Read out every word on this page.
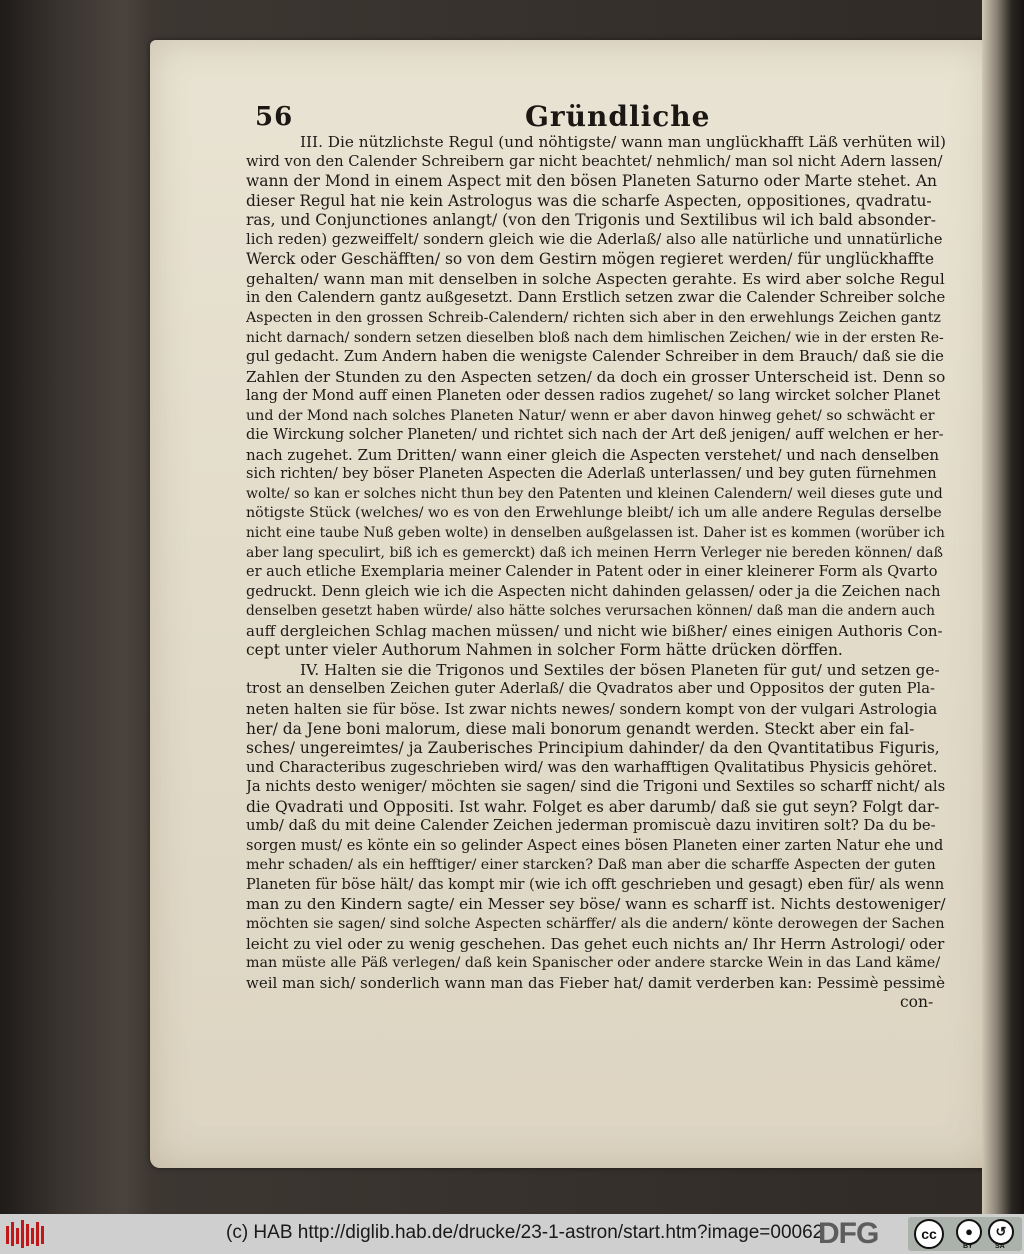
56	Gründliche
III. Die nützlichste Regul (und nöhtigste/ wann man unglückhafft Läß verhüten wil)
wird von den Calender Schreibern gar nicht beachtet/ nehmlich/ man sol nicht Adern lassen/
wann der Mond in einem Aspect mit den bösen Planeten Saturno oder Marte stehet. An
dieser Regul hat nie kein Astrologus was die scharfe Aspecten, oppositiones, qvadratu-
ras, und Conjunctiones anlangt/ (von den Trigonis und Sextilibus wil ich bald absonder-
lich reden) gezweiffelt/ sondern gleich wie die Aderlaß/ also alle natürliche und unnatürliche
Werck oder Geschäfften/ so von dem Gestirn mögen regieret werden/ für unglückhaffte
gehalten/ wann man mit denselben in solche Aspecten gerahte. Es wird aber solche Regul
in den Calendern gantz außgesetzt. Dann Erstlich setzen zwar die Calender Schreiber solche
Aspecten in den grossen Schreib-Calendern/ richten sich aber in den erwehlungs Zeichen gantz
nicht darnach/ sondern setzen dieselben bloß nach dem himlischen Zeichen/ wie in der ersten Re-
gul gedacht. Zum Andern haben die wenigste Calender Schreiber in dem Brauch/ daß sie die
Zahlen der Stunden zu den Aspecten setzen/ da doch ein grosser Unterscheid ist. Denn so
lang der Mond auff einen Planeten oder dessen radios zugehet/ so lang wircket solcher Planet
und der Mond nach solches Planeten Natur/ wenn er aber davon hinweg gehet/ so schwächt er
die Wirckung solcher Planeten/ und richtet sich nach der Art deß jenigen/ auff welchen er her-
nach zugehet. Zum Dritten/ wann einer gleich die Aspecten verstehet/ und nach denselben
sich richten/ bey böser Planeten Aspecten die Aderlaß unterlassen/ und bey guten fürnehmen
wolte/ so kan er solches nicht thun bey den Patenten und kleinen Calendern/ weil dieses gute und
nötigste Stück (welches/ wo es von den Erwehlunge bleibt/ ich um alle andere Regulas derselbe
nicht eine taube Nuß geben wolte) in denselben außgelassen ist. Daher ist es kommen (worüber ich
aber lang speculirt, biß ich es gemerckt) daß ich meinen Herrn Verleger nie bereden können/ daß
er auch etliche Exemplaria meiner Calender in Patent oder in einer kleinerer Form als Qvarto
gedruckt. Denn gleich wie ich die Aspecten nicht dahinden gelassen/ oder ja die Zeichen nach
denselben gesetzt haben würde/ also hätte solches verursachen können/ daß man die andern auch
auff dergleichen Schlag machen müssen/ und nicht wie bißher/ eines einigen Authoris Con-
cept unter vieler Authorum Nahmen in solcher Form hätte drücken dörffen.
IV. Halten sie die Trigonos und Sextiles der bösen Planeten für gut/ und setzen ge-
trost an denselben Zeichen guter Aderlaß/ die Qvadratos aber und Oppositos der guten Pla-
neten halten sie für böse. Ist zwar nichts newes/ sondern kompt von der vulgari Astrologia
her/ da Jene boni malorum, diese mali bonorum genandt werden. Steckt aber ein fal-
sches/ ungereimtes/ ja Zauberisches Principium dahinder/ da den Qvantitatibus Figuris,
und Characteribus zugeschrieben wird/ was den warhafftigen Qvalitatibus Physicis gehöret.
Ja nichts desto weniger/ möchten sie sagen/ sind die Trigoni und Sextiles so scharff nicht/ als
die Qvadrati und Oppositi. Ist wahr. Folget es aber darumb/ daß sie gut seyn? Folgt dar-
umb/ daß du mit deine Calender Zeichen jederman promiscuè dazu invitiren solt? Da du be-
sorgen must/ es könte ein so gelinder Aspect eines bösen Planeten einer zarten Natur ehe und
mehr schaden/ als ein hefftiger/ einer starcken? Daß man aber die scharffe Aspecten der guten
Planeten für böse hält/ das kompt mir (wie ich offt geschrieben und gesagt) eben für/ als wenn
man zu den Kindern sagte/ ein Messer sey böse/ wann es scharff ist. Nichts destoweniger/
möchten sie sagen/ sind solche Aspecten schärffer/ als die andern/ könte derowegen der Sachen
leicht zu viel oder zu wenig geschehen. Das gehet euch nichts an/ Ihr Herrn Astrologi/ oder
man müste alle Päß verlegen/ daß kein Spanischer oder andere starcke Wein in das Land käme/
weil man sich/ sonderlich wann man das Fieber hat/ damit verderben kan: Pessimè pessimè
con-
(c) HAB http://diglib.hab.de/drucke/23-1-astron/start.htm?image=00062
DFG	cc	●	↺
BY	SA
